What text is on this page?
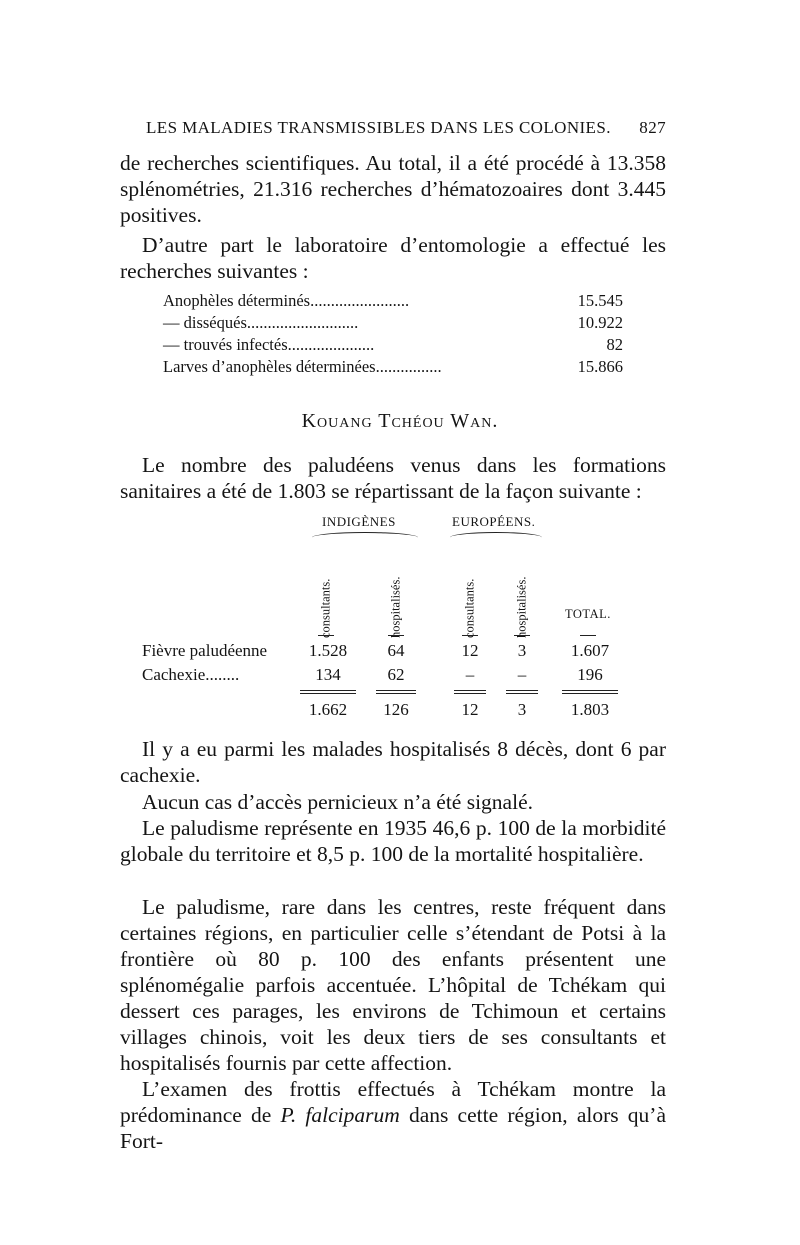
LES MALADIES TRANSMISSIBLES DANS LES COLONIES. 827
de recherches scientifiques. Au total, il a été procédé à 13.358 splénométries, 21.316 recherches d’hématozoaires dont 3.445 positives.
D’autre part le laboratoire d’entomologie a effectué les recherches suivantes :
Anophèles déterminés........................	15.545
— disséqués...........................	10.922
— trouvés infectés.....................	82
Larves d’anophèles déterminées................	15.866
Kouang Tchéou Wan.
Le nombre des paludéens venus dans les formations sanitaires a été de 1.803 se répartissant de la façon suivante :
INDIGÈNES	EUROPÉENS.
consultants.	hospitalisés.	consultants.	hospitalisés.	TOTAL.
Fièvre paludéenne	1.528	64	12	3	1.607
Cachexie........	134	62	–	–	196
1.662	126	12	3	1.803
Il y a eu parmi les malades hospitalisés 8 décès, dont 6 par cachexie.
Aucun cas d’accès pernicieux n’a été signalé.
Le paludisme représente en 1935 46,6 p. 100 de la morbidité globale du territoire et 8,5 p. 100 de la mortalité hospitalière.
Le paludisme, rare dans les centres, reste fréquent dans certaines régions, en particulier celle s’étendant de Potsi à la frontière où 80 p. 100 des enfants présentent une splénomégalie parfois accentuée. L’hôpital de Tchékam qui dessert ces parages, les environs de Tchimoun et certains villages chinois, voit les deux tiers de ses consultants et hospitalisés fournis par cette affection.
L’examen des frottis effectués à Tchékam montre la prédominance de P. falciparum dans cette région, alors qu’à Fort-
